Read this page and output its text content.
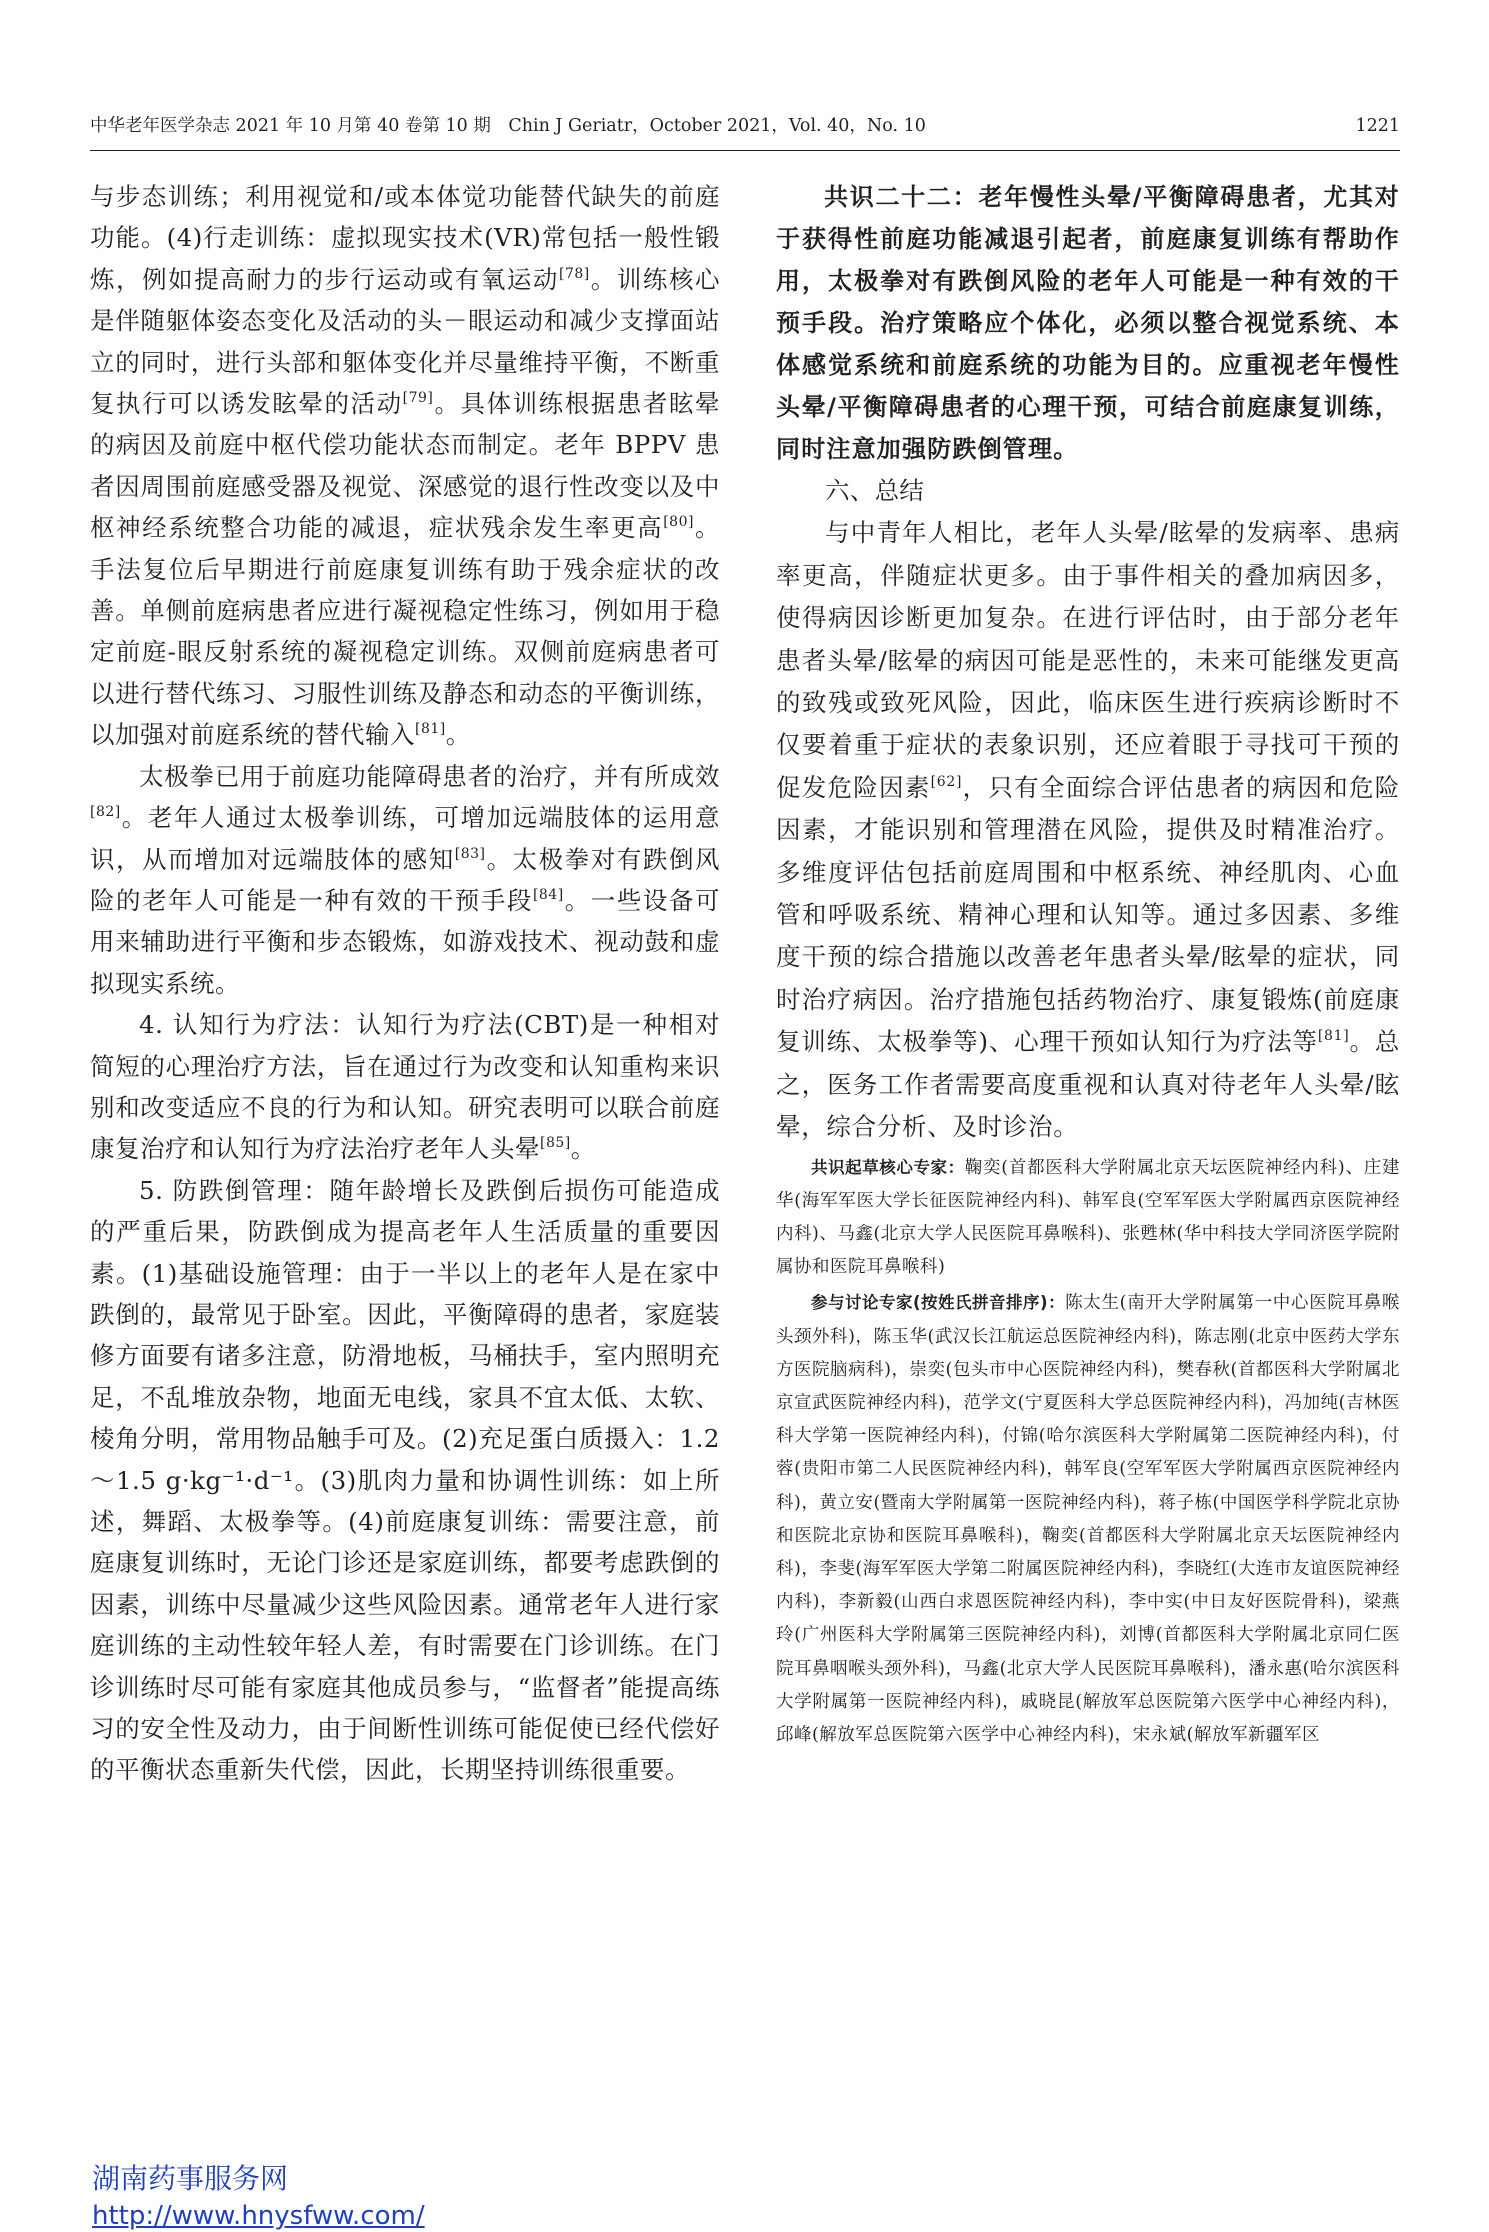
中华老年医学杂志 2021 年 10 月第 40 卷第 10 期　Chin J Geriatr，October 2021，Vol. 40，No. 10	1221

与步态训练；利用视觉和/或本体觉功能替代缺失的前庭功能。(4)行走训练：虚拟现实技术(VR)常包括一般性锻炼，例如提高耐力的步行运动或有氧运动[78]。训练核心是伴随躯体姿态变化及活动的头－眼运动和减少支撑面站立的同时，进行头部和躯体变化并尽量维持平衡，不断重复执行可以诱发眩晕的活动[79]。具体训练根据患者眩晕的病因及前庭中枢代偿功能状态而制定。老年 BPPV 患者因周围前庭感受器及视觉、深感觉的退行性改变以及中枢神经系统整合功能的减退，症状残余发生率更高[80]。手法复位后早期进行前庭康复训练有助于残余症状的改善。单侧前庭病患者应进行凝视稳定性练习，例如用于稳定前庭-眼反射系统的凝视稳定训练。双侧前庭病患者可以进行替代练习、习服性训练及静态和动态的平衡训练，以加强对前庭系统的替代输入[81]。

太极拳已用于前庭功能障碍患者的治疗，并有所成效[82]。老年人通过太极拳训练，可增加远端肢体的运用意识，从而增加对远端肢体的感知[83]。太极拳对有跌倒风险的老年人可能是一种有效的干预手段[84]。一些设备可用来辅助进行平衡和步态锻炼，如游戏技术、视动鼓和虚拟现实系统。

4. 认知行为疗法：认知行为疗法(CBT)是一种相对简短的心理治疗方法，旨在通过行为改变和认知重构来识别和改变适应不良的行为和认知。研究表明可以联合前庭康复治疗和认知行为疗法治疗老年人头晕[85]。

5. 防跌倒管理：随年龄增长及跌倒后损伤可能造成的严重后果，防跌倒成为提高老年人生活质量的重要因素。(1)基础设施管理：由于一半以上的老年人是在家中跌倒的，最常见于卧室。因此，平衡障碍的患者，家庭装修方面要有诸多注意，防滑地板，马桶扶手，室内照明充足，不乱堆放杂物，地面无电线，家具不宜太低、太软、棱角分明，常用物品触手可及。(2)充足蛋白质摄入：1.2～1.5 g·kg⁻¹·d⁻¹。(3)肌肉力量和协调性训练：如上所述，舞蹈、太极拳等。(4)前庭康复训练：需要注意，前庭康复训练时，无论门诊还是家庭训练，都要考虑跌倒的因素，训练中尽量减少这些风险因素。通常老年人进行家庭训练的主动性较年轻人差，有时需要在门诊训练。在门诊训练时尽可能有家庭其他成员参与，“监督者”能提高练习的安全性及动力，由于间断性训练可能促使已经代偿好的平衡状态重新失代偿，因此，长期坚持训练很重要。

共识二十二：老年慢性头晕/平衡障碍患者，尤其对于获得性前庭功能减退引起者，前庭康复训练有帮助作用，太极拳对有跌倒风险的老年人可能是一种有效的干预手段。治疗策略应个体化，必须以整合视觉系统、本体感觉系统和前庭系统的功能为目的。应重视老年慢性头晕/平衡障碍患者的心理干预，可结合前庭康复训练，同时注意加强防跌倒管理。

六、总结

与中青年人相比，老年人头晕/眩晕的发病率、患病率更高，伴随症状更多。由于事件相关的叠加病因多，使得病因诊断更加复杂。在进行评估时，由于部分老年患者头晕/眩晕的病因可能是恶性的，未来可能继发更高的致残或致死风险，因此，临床医生进行疾病诊断时不仅要着重于症状的表象识别，还应着眼于寻找可干预的促发危险因素[62]，只有全面综合评估患者的病因和危险因素，才能识别和管理潜在风险，提供及时精准治疗。多维度评估包括前庭周围和中枢系统、神经肌肉、心血管和呼吸系统、精神心理和认知等。通过多因素、多维度干预的综合措施以改善老年患者头晕/眩晕的症状，同时治疗病因。治疗措施包括药物治疗、康复锻炼(前庭康复训练、太极拳等)、心理干预如认知行为疗法等[81]。总之，医务工作者需要高度重视和认真对待老年人头晕/眩晕，综合分析、及时诊治。

共识起草核心专家：鞠奕(首都医科大学附属北京天坛医院神经内科)、庄建华(海军军医大学长征医院神经内科)、韩军良(空军军医大学附属西京医院神经内科)、马鑫(北京大学人民医院耳鼻喉科)、张甦林(华中科技大学同济医学院附属协和医院耳鼻喉科)

参与讨论专家(按姓氏拼音排序)：陈太生(南开大学附属第一中心医院耳鼻喉头颈外科)，陈玉华(武汉长江航运总医院神经内科)，陈志刚(北京中医药大学东方医院脑病科)，崇奕(包头市中心医院神经内科)，樊春秋(首都医科大学附属北京宣武医院神经内科)，范学文(宁夏医科大学总医院神经内科)，冯加纯(吉林医科大学第一医院神经内科)，付锦(哈尔滨医科大学附属第二医院神经内科)，付蓉(贵阳市第二人民医院神经内科)，韩军良(空军军医大学附属西京医院神经内科)，黄立安(暨南大学附属第一医院神经内科)，蒋子栋(中国医学科学院北京协和医院北京协和医院耳鼻喉科)，鞠奕(首都医科大学附属北京天坛医院神经内科)，李斐(海军军医大学第二附属医院神经内科)，李晓红(大连市友谊医院神经内科)，李新毅(山西白求恩医院神经内科)，李中实(中日友好医院骨科)，梁燕玲(广州医科大学附属第三医院神经内科)，刘博(首都医科大学附属北京同仁医院耳鼻咽喉头颈外科)，马鑫(北京大学人民医院耳鼻喉科)，潘永惠(哈尔滨医科大学附属第一医院神经内科)，戚晓昆(解放军总医院第六医学中心神经内科)，邱峰(解放军总医院第六医学中心神经内科)，宋永斌(解放军新疆军区

湖南药事服务网
http://www.hnysfww.com/
